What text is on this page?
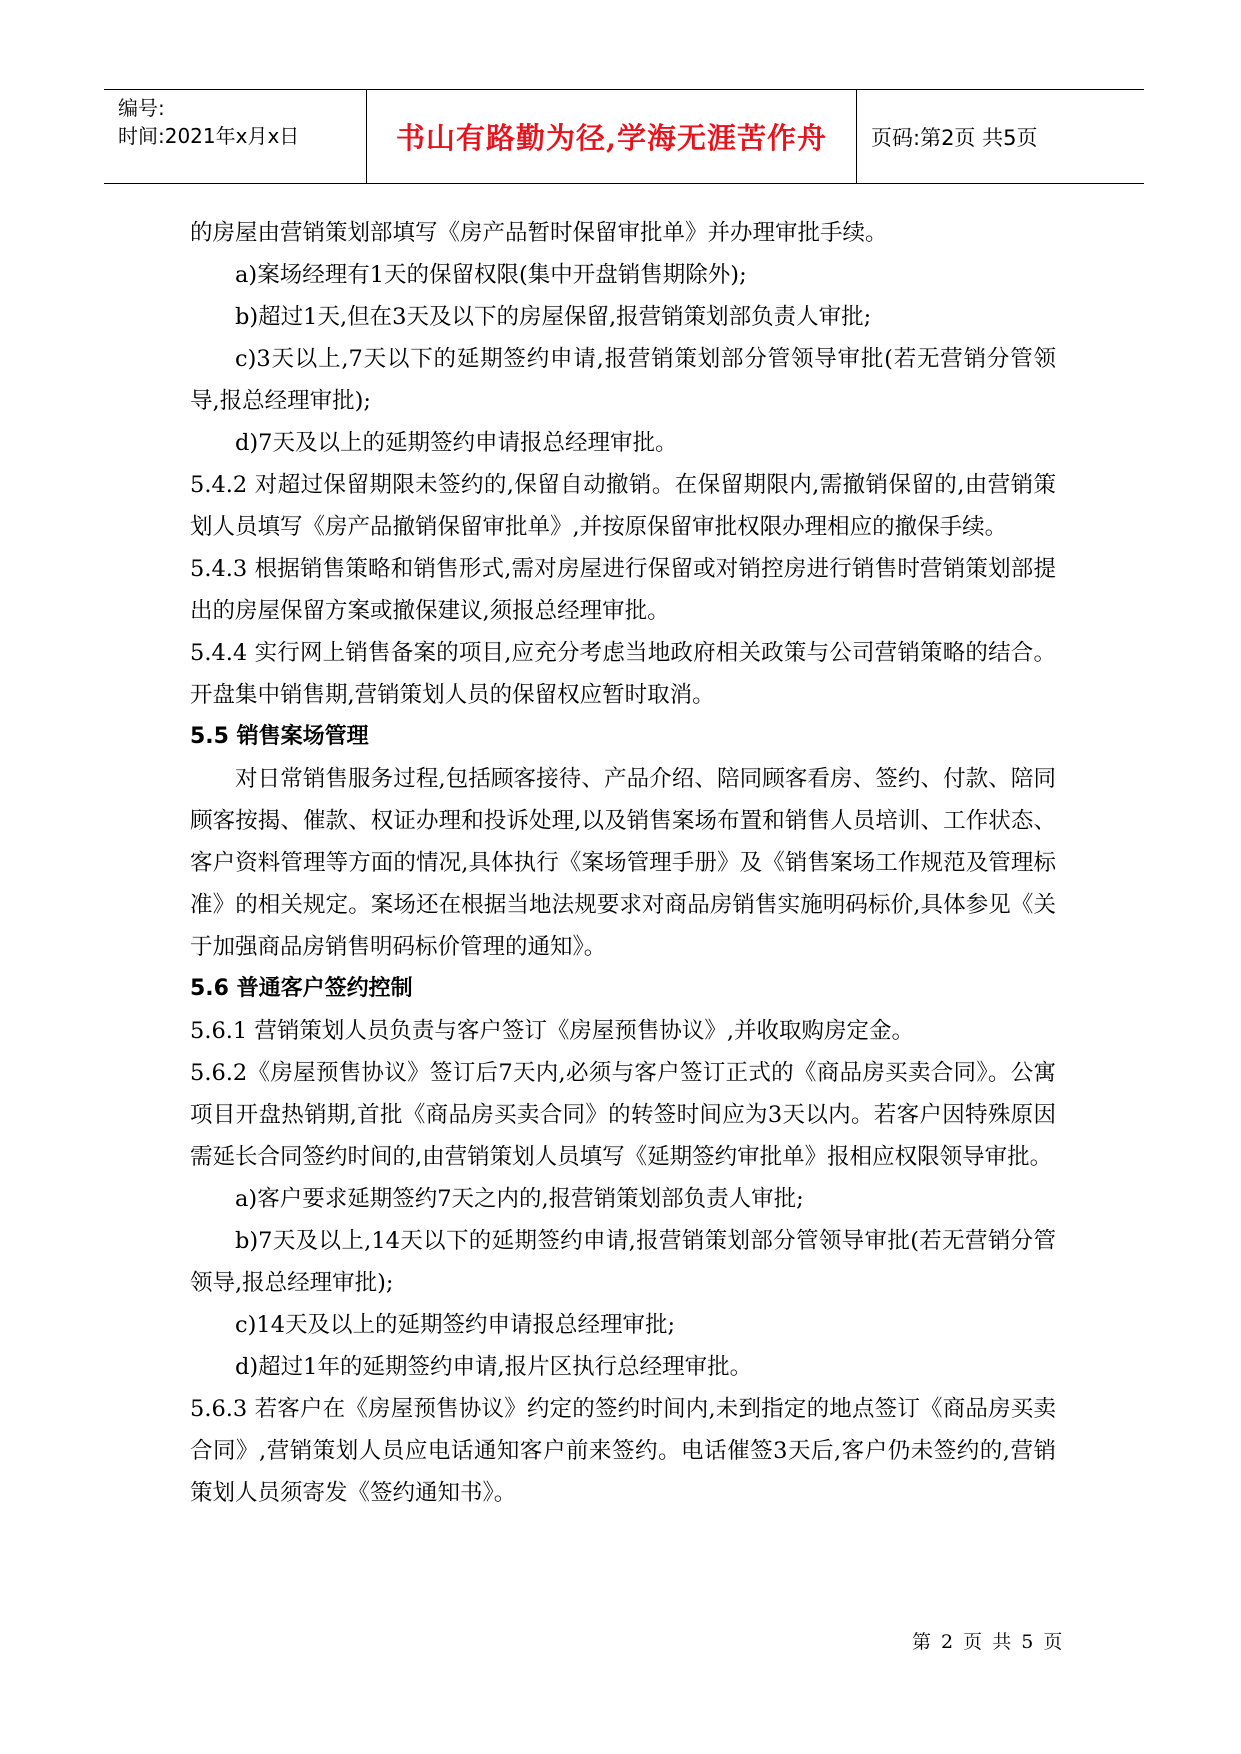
编号:
时间:2021年x月x日	书山有路勤为径,学海无涯苦作舟	页码:第2页 共5页

的房屋由营销策划部填写《房产品暂时保留审批单》并办理审批手续。

a)案场经理有1天的保留权限(集中开盘销售期除外);

b)超过1天,但在3天及以下的房屋保留,报营销策划部负责人审批;

c)3天以上,7天以下的延期签约申请,报营销策划部分管领导审批(若无营销分管领导,报总经理审批);

d)7天及以上的延期签约申请报总经理审批。

5.4.2 对超过保留期限未签约的,保留自动撤销。在保留期限内,需撤销保留的,由营销策划人员填写《房产品撤销保留审批单》,并按原保留审批权限办理相应的撤保手续。

5.4.3 根据销售策略和销售形式,需对房屋进行保留或对销控房进行销售时营销策划部提出的房屋保留方案或撤保建议,须报总经理审批。

5.4.4 实行网上销售备案的项目,应充分考虑当地政府相关政策与公司营销策略的结合。开盘集中销售期,营销策划人员的保留权应暂时取消。

5.5 销售案场管理

对日常销售服务过程,包括顾客接待、产品介绍、陪同顾客看房、签约、付款、陪同顾客按揭、催款、权证办理和投诉处理,以及销售案场布置和销售人员培训、工作状态、客户资料管理等方面的情况,具体执行《案场管理手册》及《销售案场工作规范及管理标准》的相关规定。案场还在根据当地法规要求对商品房销售实施明码标价,具体参见《关于加强商品房销售明码标价管理的通知》。

5.6 普通客户签约控制

5.6.1 营销策划人员负责与客户签订《房屋预售协议》,并收取购房定金。

5.6.2《房屋预售协议》签订后7天内,必须与客户签订正式的《商品房买卖合同》。公寓项目开盘热销期,首批《商品房买卖合同》的转签时间应为3天以内。若客户因特殊原因需延长合同签约时间的,由营销策划人员填写《延期签约审批单》报相应权限领导审批。

a)客户要求延期签约7天之内的,报营销策划部负责人审批;

b)7天及以上,14天以下的延期签约申请,报营销策划部分管领导审批(若无营销分管领导,报总经理审批);

c)14天及以上的延期签约申请报总经理审批;

d)超过1年的延期签约申请,报片区执行总经理审批。

5.6.3 若客户在《房屋预售协议》约定的签约时间内,未到指定的地点签订《商品房买卖合同》,营销策划人员应电话通知客户前来签约。电话催签3天后,客户仍未签约的,营销策划人员须寄发《签约通知书》。

第 2 页 共 5 页
